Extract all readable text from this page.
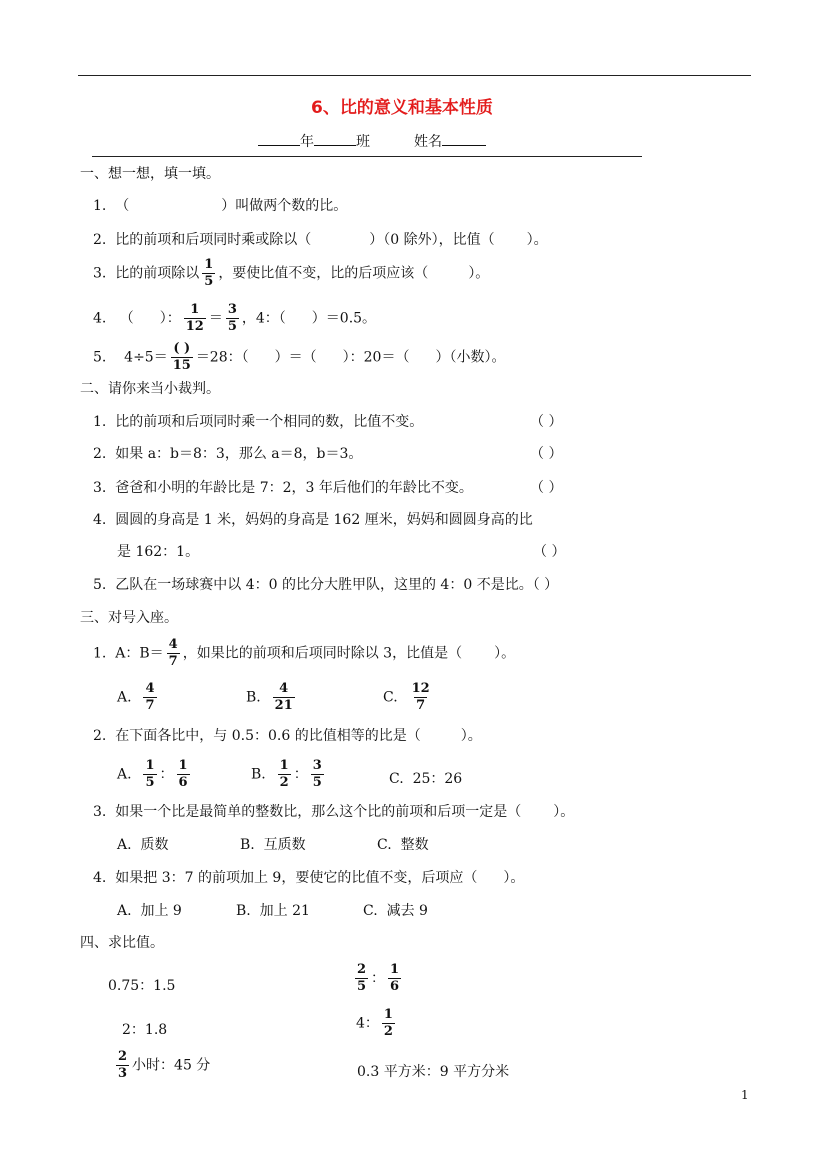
6、比的意义和基本性质
年	班	姓名
一、想一想，填一填。
1. （	）叫做两个数的比。
2. 比的前项和后项同时乘或除以（	）（0 除外），比值（ ）。
3. 比的前项除以 $\frac{1}{5}$ ，要使比值不变，比的后项应该（	）。
4. （ ）： $\frac{1}{12} = \frac{3}{5}$ ，4：（ ）＝0.5。
5. $4\div 5= \frac{( )}{15} =28$：（ ）＝（ ）：20＝（ ）（小数）。
二、请你来当小裁判。
1. 比的前项和后项同时乘一个相同的数，比值不变。	（ ）
2. 如果 a：b＝8：3，那么 a＝8，b＝3。	（ ）
3. 爸爸和小明的年龄比是 7：2，3 年后他们的年龄比不变。	（ ）
4. 圆圆的身高是 1 米，妈妈的身高是 162 厘米，妈妈和圆圆身高的比
是 162：1。	（ ）
5. 乙队在一场球赛中以 4：0 的比分大胜甲队，这里的 4：0 不是比。（ ）
三、对号入座。
1. A：$B= \frac{4}{7}$ ，如果比的前项和后项同时除以 3，比值是（ ）。
A. $\frac{4}{7}$	B. $\frac{4}{21}$	C. $\frac{12}{7}$
2. 在下面各比中，与 0.5：0.6 的比值相等的比是（	）。
A. $\frac{1}{5}$ ： $\frac{1}{6}$	B. $\frac{1}{2}$ ： $\frac{3}{5}$	C. 25：26
3. 如果一个比是最简单的整数比，那么这个比的前项和后项一定是（ ）。
A. 质数	B. 互质数	C. 整数
4. 如果把 3：7 的前项加上 9，要使它的比值不变，后项应（ ）。
A. 加上 9	B. 加上 21	C. 减去 9
四、求比值。
0.75：1.5	$\frac{2}{5}$ ： $\frac{1}{6}$
2：1.8	4： $\frac{1}{2}$
$\frac{2}{3}$ 小时：45 分	0.3 平方米：9 平方分米
1
